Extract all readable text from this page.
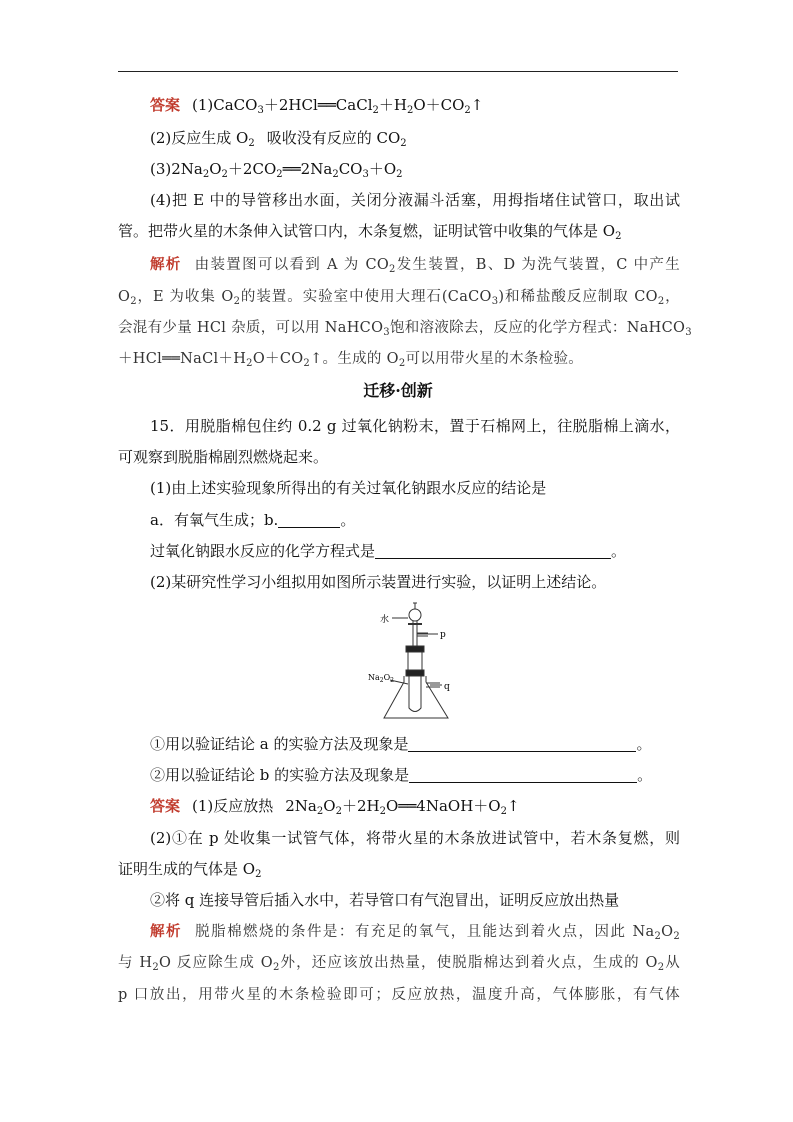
答案 $(1)CaCO_3+2HCl══CaCl_2+H_2O+CO_2↑$
(2)反应生成 $O_2$ 吸收没有反应的 $CO_2$
$(3)2Na_2O_2+2CO_2══2Na_2CO_3+O_2$
(4)把 E 中的导管移出水面，关闭分液漏斗活塞，用拇指堵住试管口，取出试
管。把带火星的木条伸入试管口内，木条复燃，证明试管中收集的气体是 $O_2$
解析 由装置图可以看到 A 为 $CO_2$发生装置，B、D 为洗气装置，C 中产生
$O_2$，E 为收集 $O_2$的装置。实验室中使用大理石(CaCO$_3$)和稀盐酸反应制取 $CO_2$，
会混有少量 HCl 杂质，可以用 NaHCO$_3$饱和溶液除去，反应的化学方程式：NaHCO$_3$
$+HCl══NaCl+H_2O+CO_2↑$。生成的 $O_2$可以用带火星的木条检验。
迁移·创新
15．用脱脂棉包住约 0.2 g 过氧化钠粉末，置于石棉网上，往脱脂棉上滴水，
可观察到脱脂棉剧烈燃烧起来。
(1)由上述实验现象所得出的有关过氧化钠跟水反应的结论是
a．有氧气生成；b.	。
过氧化钠跟水反应的化学方程式是	。
(2)某研究性学习小组拟用如图所示装置进行实验，以证明上述结论。
水
p
q
$Na_2O_2$
①用以验证结论 a 的实验方法及现象是	。
②用以验证结论 b 的实验方法及现象是	。
答案 (1)反应放热 $2Na_2O_2+2H_2O══4NaOH+O_2↑$
(2)①在 p 处收集一试管气体，将带火星的木条放进试管中，若木条复燃，则
证明生成的气体是 $O_2$
②将 q 连接导管后插入水中，若导管口有气泡冒出，证明反应放出热量
解析 脱脂棉燃烧的条件是：有充足的氧气，且能达到着火点，因此 $Na_2O_2$
与 $H_2O$ 反应除生成 $O_2$外，还应该放出热量，使脱脂棉达到着火点，生成的 $O_2$从
p 口放出，用带火星的木条检验即可；反应放热，温度升高，气体膨胀，有气体
